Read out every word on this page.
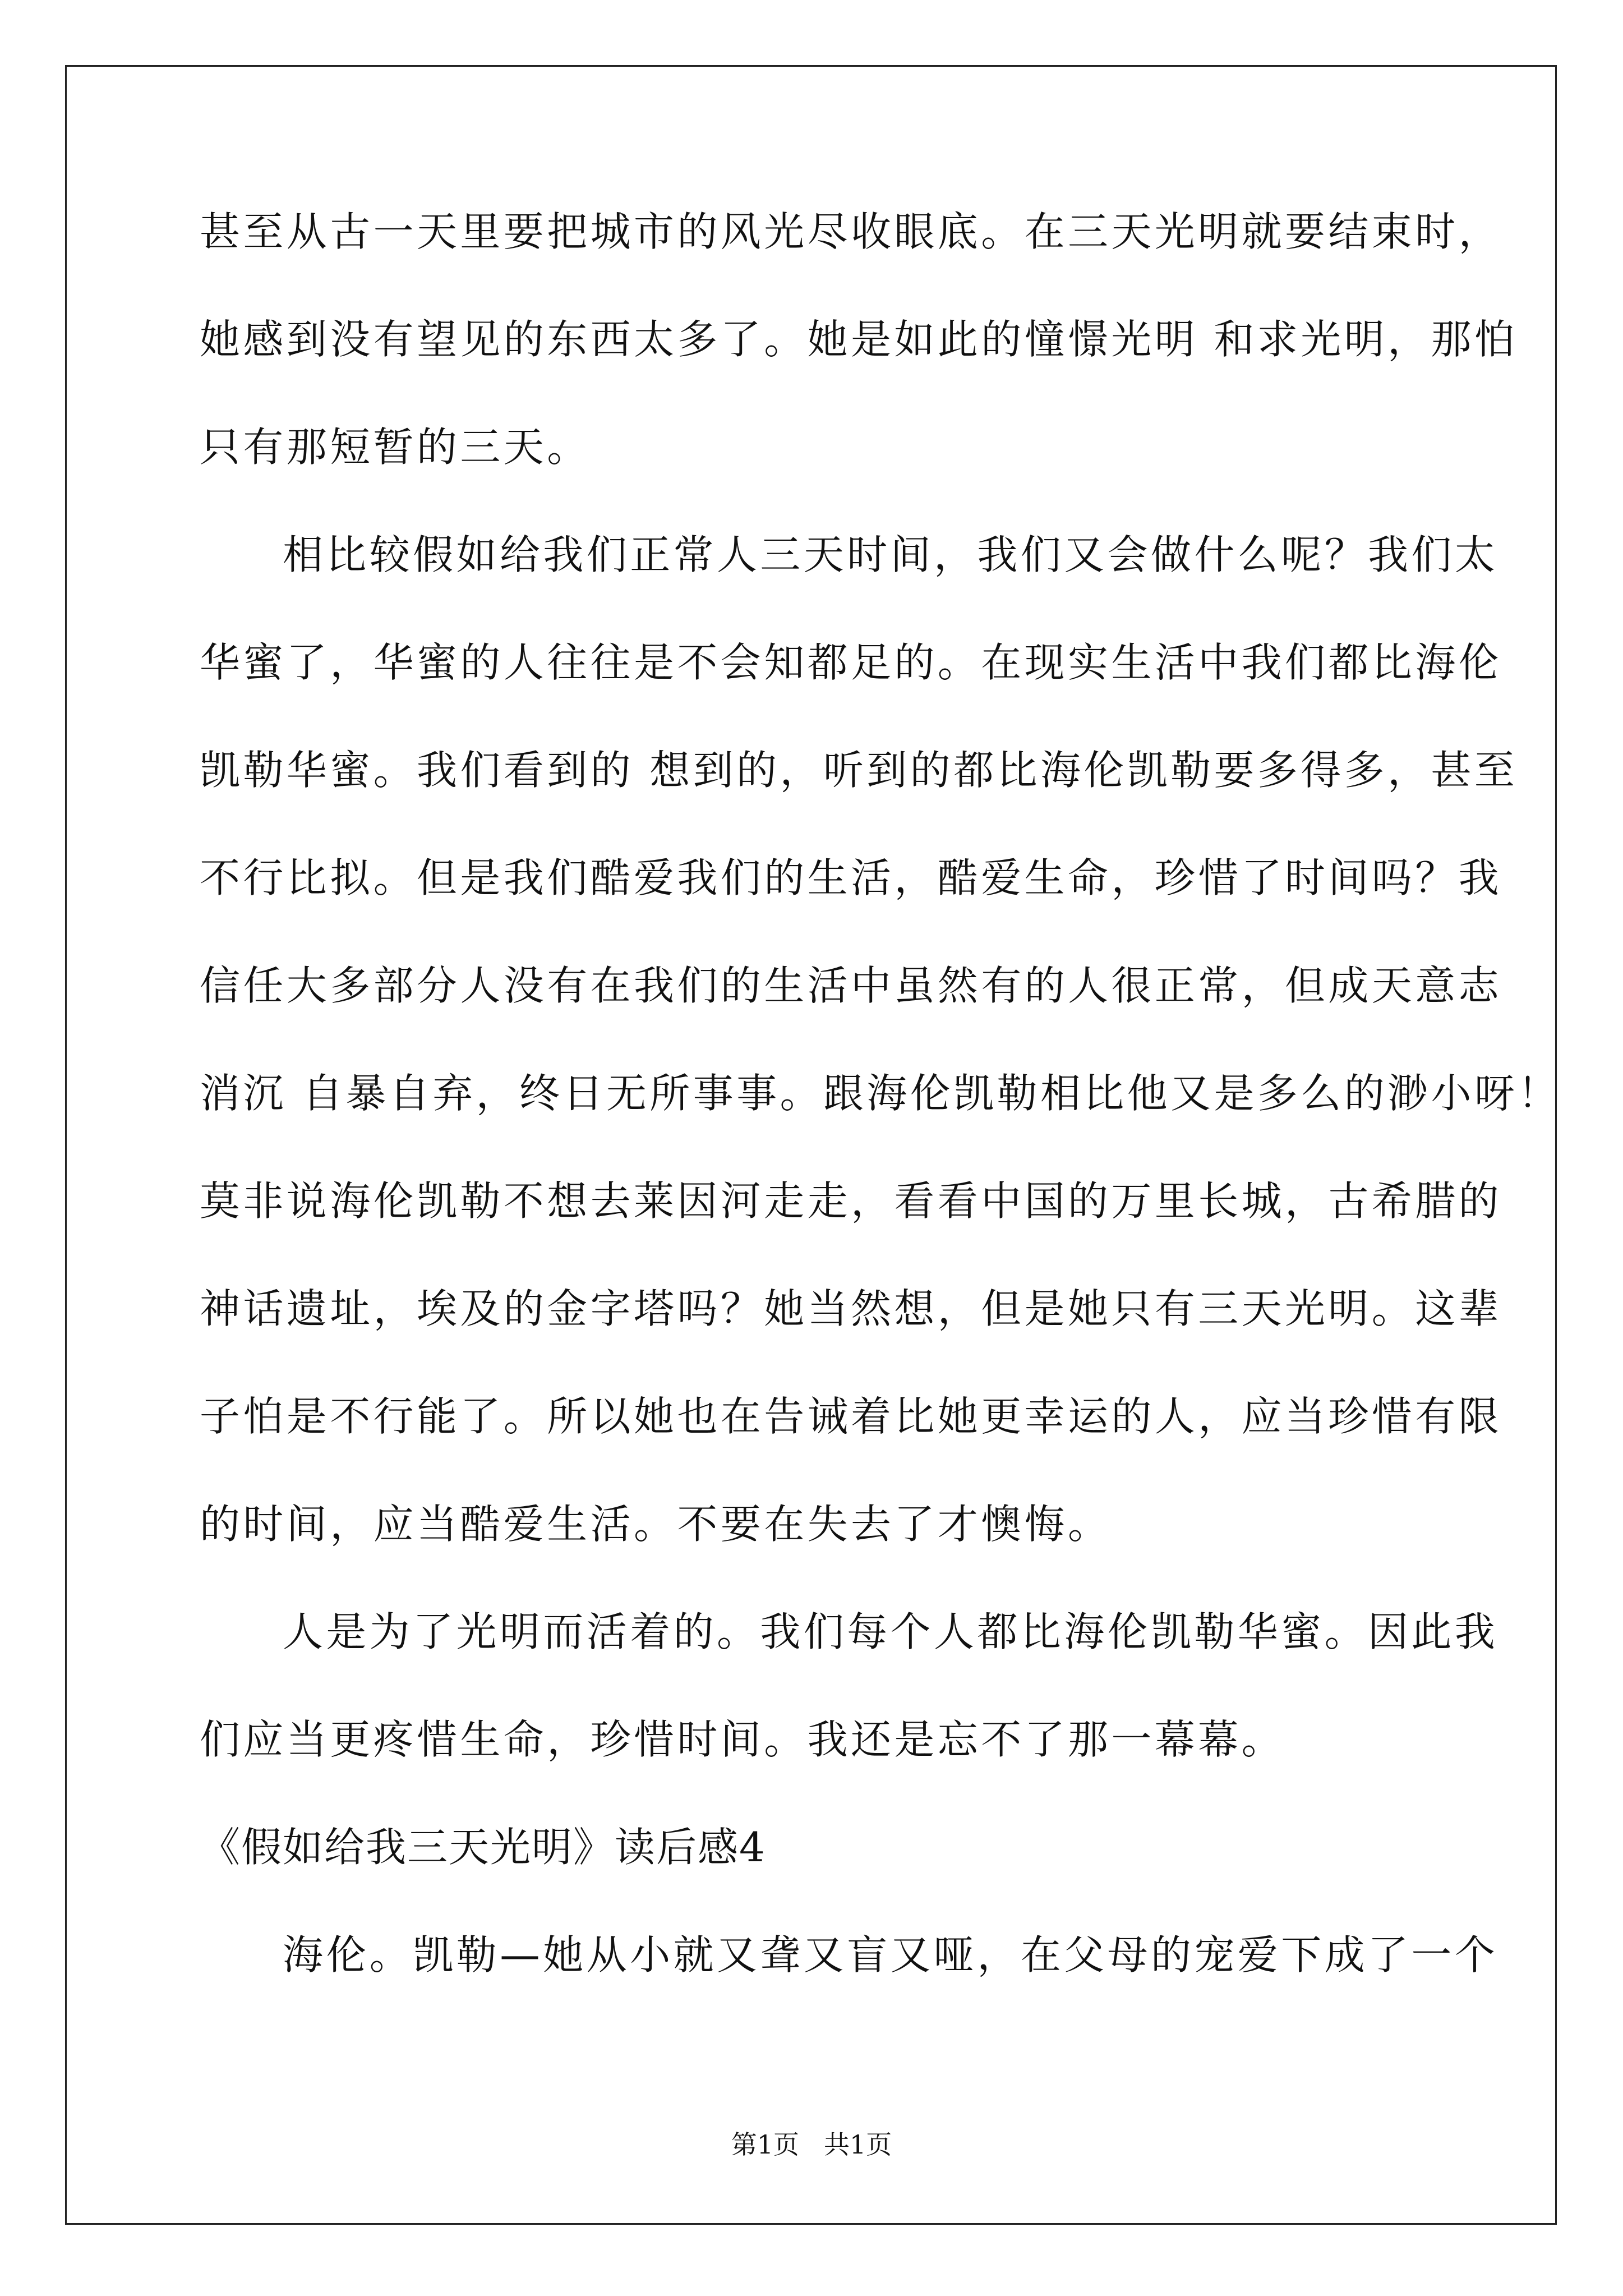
甚至从古一天里要把城市的风光尽收眼底。在三天光明就要结束时，
她感到没有望见的东西太多了。她是如此的憧憬光明 和求光明，那怕
只有那短暂的三天。
相比较假如给我们正常人三天时间，我们又会做什么呢？我们太
华蜜了，华蜜的人往往是不会知都足的。在现实生活中我们都比海伦
凯勒华蜜。我们看到的 想到的，听到的都比海伦凯勒要多得多，甚至
不行比拟。但是我们酷爱我们的生活，酷爱生命，珍惜了时间吗？我
信任大多部分人没有在我们的生活中虽然有的人很正常，但成天意志
消沉 自暴自弃，终日无所事事。跟海伦凯勒相比他又是多么的渺小呀！
莫非说海伦凯勒不想去莱因河走走，看看中国的万里长城，古希腊的
神话遗址，埃及的金字塔吗？她当然想，但是她只有三天光明。这辈
子怕是不行能了。所以她也在告诫着比她更幸运的人，应当珍惜有限
的时间，应当酷爱生活。不要在失去了才懊悔。
人是为了光明而活着的。我们每个人都比海伦凯勒华蜜。因此我
们应当更疼惜生命，珍惜时间。我还是忘不了那一幕幕。
《假如给我三天光明》读后感4
海伦。凯勒—她从小就又聋又盲又哑，在父母的宠爱下成了一个
第1页 共1页
